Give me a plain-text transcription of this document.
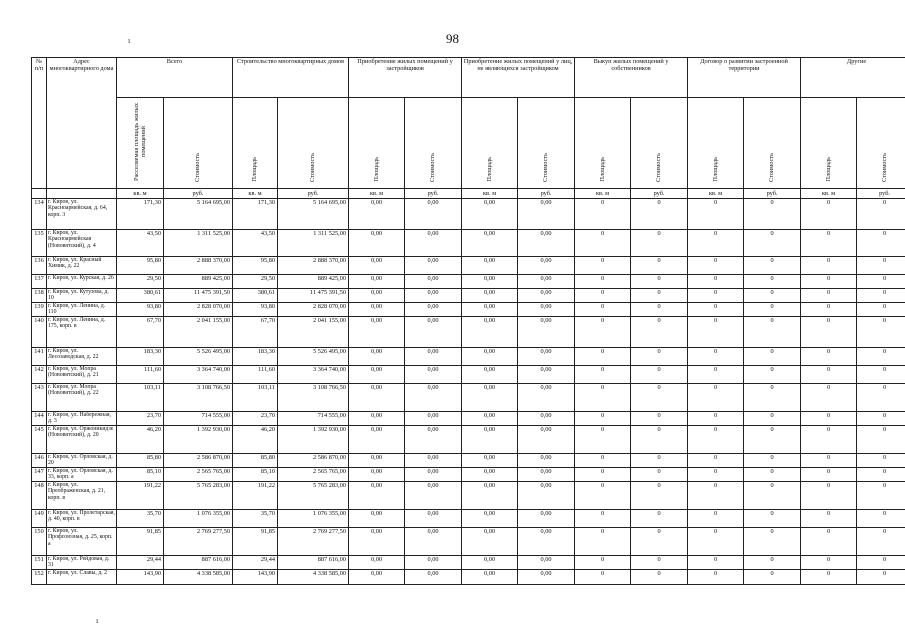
98
ı
ı
№ п/п	Адрес многоквартирного дома	Всего		Строительство многоквартирных домов		Приобретение жилых помещений у застройщиков		Приобретение жилых помещений у лиц, не являющихся застройщиком		Выкуп жилых помещений у собственников		Договор о развитии застроенной территории		Другие	
		Расселяемая площадь жилых помещений	Стоимость	Площадь	Стоимость	Площадь	Стоимость	Площадь	Стоимость	Площадь	Стоимость	Площадь	Стоимость	Площадь	Стоимость
		кв. м	руб.	кв. м	руб.	кв. м	руб.	кв. м	руб.	кв. м	руб.	кв. м	руб.	кв. м	руб.
134	г. Киров, ул. Красноармейская, д. 64, корп. 3	171,30	5 164 695,00	171,30	5 164 695,00	0,00	0,00	0,00	0,00	0	0	0	0	0	0
135	г. Киров, ул. Красноармейская (Нововятский), д. 4	43,50	1 311 525,00	43,50	1 311 525,00	0,00	0,00	0,00	0,00	0	0	0	0	0	0
136	г. Киров, ул. Красный Химик, д. 22	95,80	2 888 370,00	95,80	2 888 370,00	0,00	0,00	0,00	0,00	0	0	0	0	0	0
137	г. Киров, ул. Курская, д. 26	29,50	889 425,00	29,50	889 425,00	0,00	0,00	0,00	0,00	0	0	0	0	0	0
138	г. Киров, ул. Кутузова, д. 10	380,61	11 475 391,50	380,61	11 475 391,50	0,00	0,00	0,00	0,00	0	0	0	0	0	0
139	г. Киров, ул. Ленина, д. 110	93,80	2 828 070,00	93,80	2 828 070,00	0,00	0,00	0,00	0,00	0	0	0	0	0	0
140	г. Киров, ул. Ленина, д. 175, корп. в	67,70	2 041 155,00	67,70	2 041 155,00	0,00	0,00	0,00	0,00	0	0	0	0	0	0
141	г. Киров, ул. Лесозаводская, д. 22	183,30	5 526 495,00	183,30	5 526 495,00	0,00	0,00	0,00	0,00	0	0	0	0	0	0
142	г. Киров, ул. Мопра (Нововятский), д. 21	111,60	3 364 740,00	111,60	3 364 740,00	0,00	0,00	0,00	0,00	0	0	0	0	0	0
143	г. Киров, ул. Мопра (Нововятский), д. 22	103,11	3 108 766,50	103,11	3 108 766,50	0,00	0,00	0,00	0,00	0	0	0	0	0	0
144	г. Киров, ул. Набережная, д. 3	23,70	714 555,00	23,70	714 555,00	0,00	0,00	0,00	0,00	0	0	0	0	0	0
145	г. Киров, ул. Оржоникидзе (Нововятский), д. 20	46,20	1 392 930,00	46,20	1 392 930,00	0,00	0,00	0,00	0,00	0	0	0	0	0	0
146	г. Киров, ул. Орловская, д. 20	85,80	2 586 870,00	85,80	2 586 870,00	0,00	0,00	0,00	0,00	0	0	0	0	0	0
147	г. Киров, ул. Орловская, д. 33, корп. а	85,10	2 565 765,00	85,10	2 565 765,00	0,00	0,00	0,00	0,00	0	0	0	0	0	0
148	г. Киров, ул. Преображенская, д. 21, корп. в	191,22	5 765 283,00	191,22	5 765 283,00	0,00	0,00	0,00	0,00	0	0	0	0	0	0
149	г. Киров, ул. Пролетарская, д. 40, корп. в	35,70	1 076 355,00	35,70	1 076 355,00	0,00	0,00	0,00	0,00	0	0	0	0	0	0
150	г. Киров, ул. Профсоюзная, д. 25, корп. а	91,85	2 769 277,50	91,85	2 769 277,50	0,00	0,00	0,00	0,00	0	0	0	0	0	0
151	г. Киров, ул. Рейдовая, д. 31	29,44	887 616,00	29,44	887 616,00	0,00	0,00	0,00	0,00	0	0	0	0	0	0
152	г. Киров, ул. Славы, д. 2	143,90	4 338 585,00	143,90	4 338 585,00	0,00	0,00	0,00	0,00	0	0	0	0	0	0
